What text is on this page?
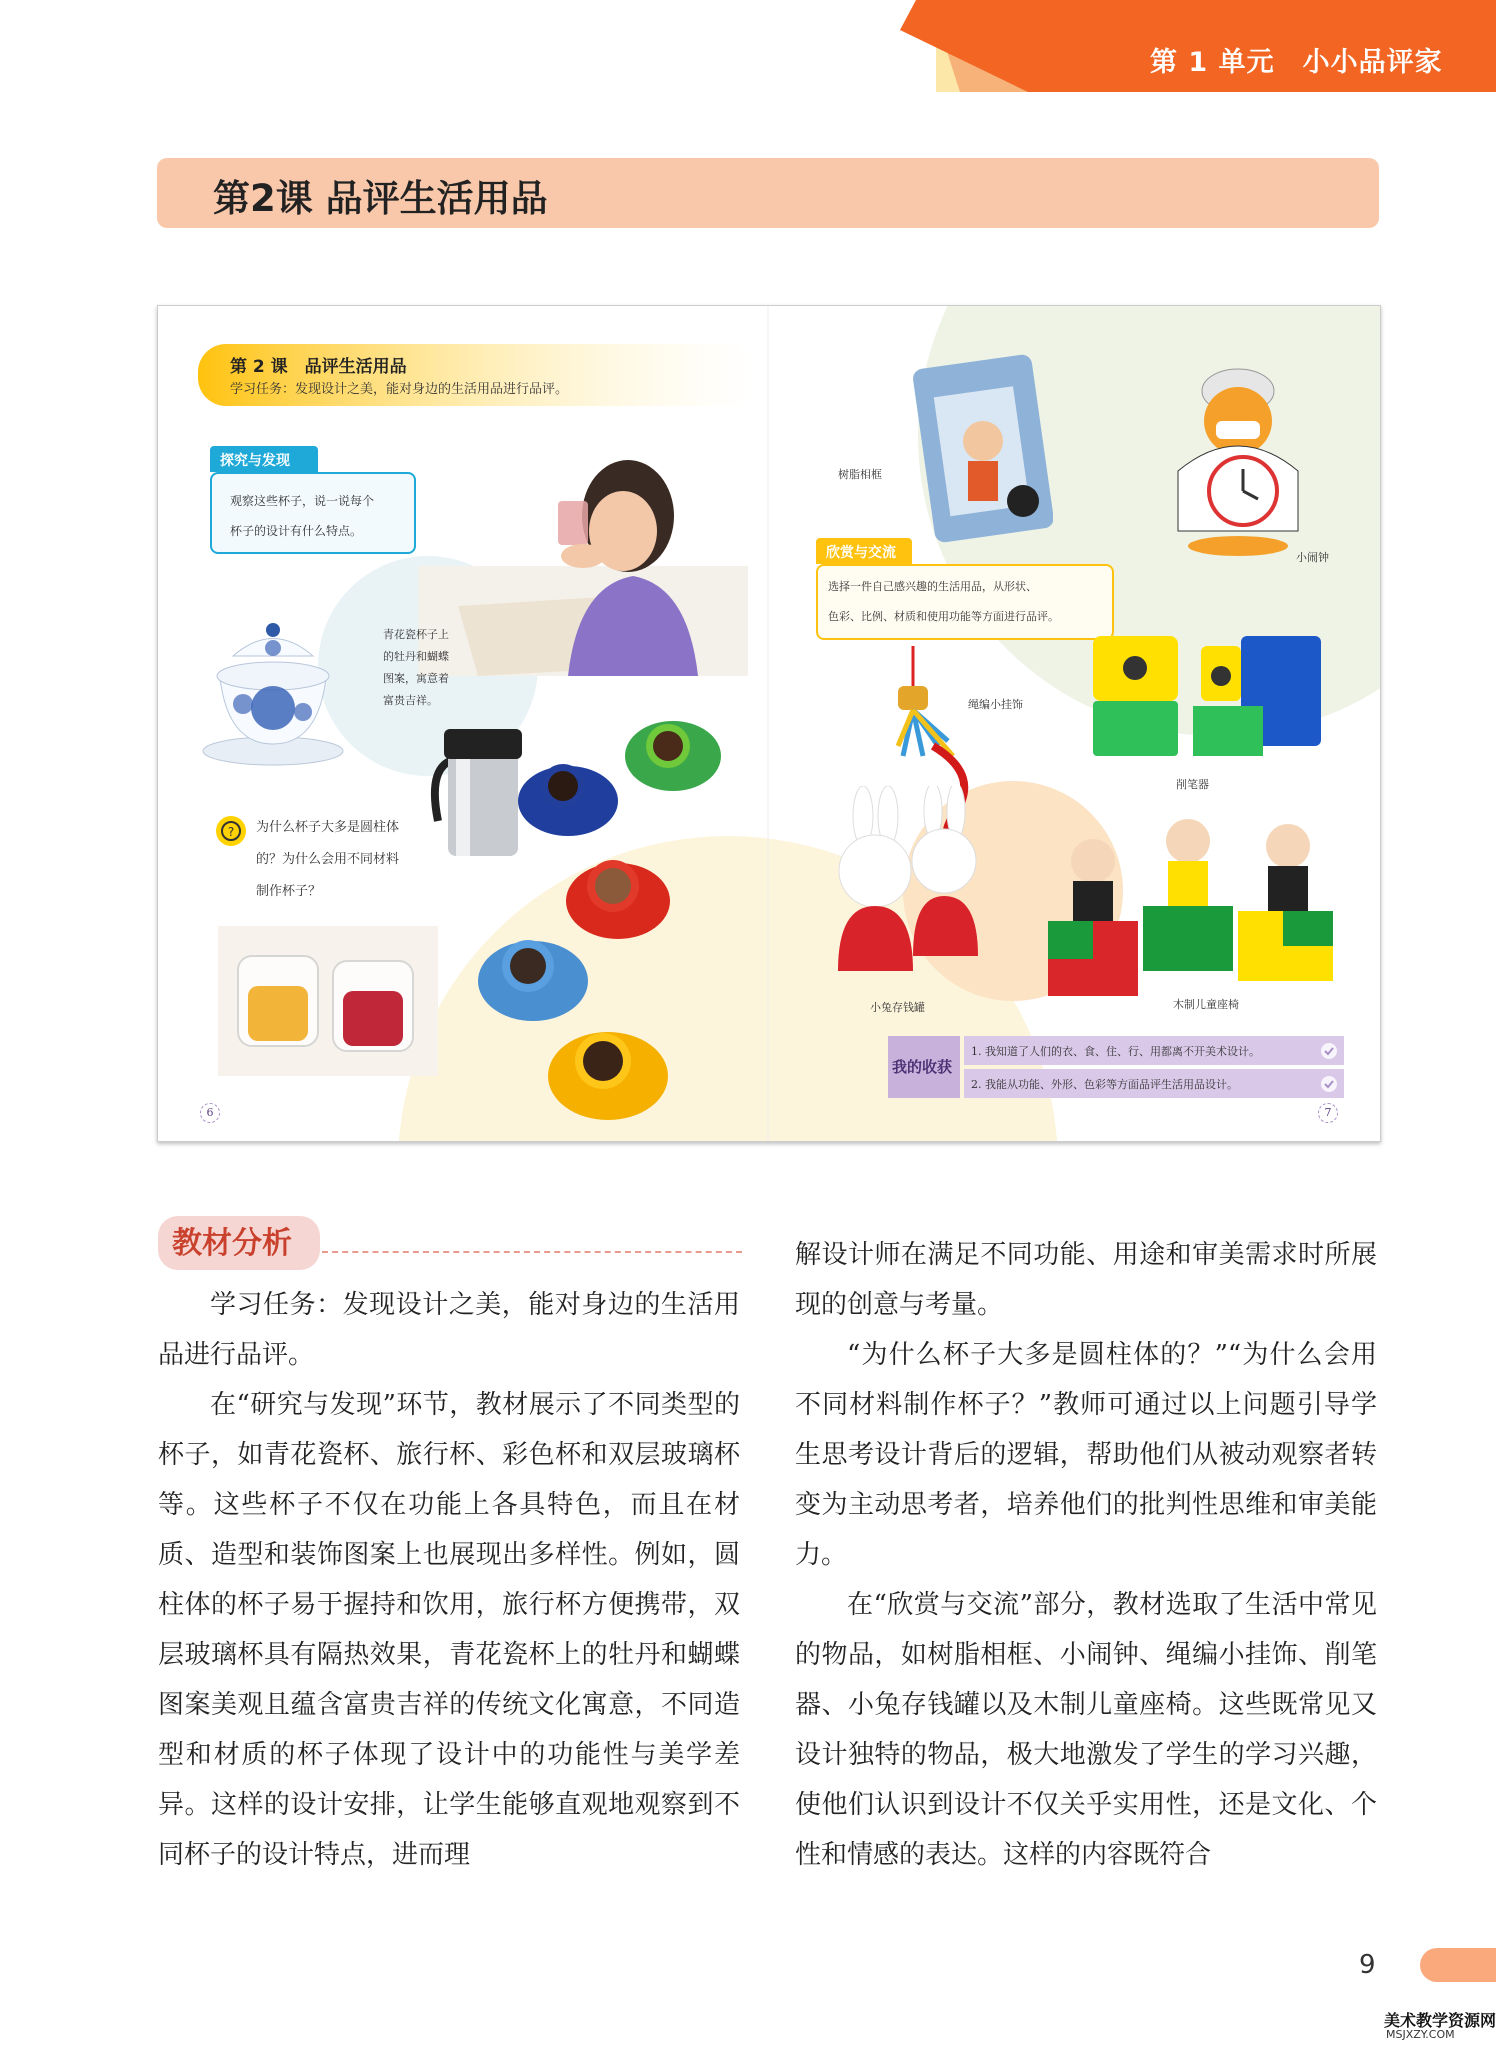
第 1 单元　小小品评家
第2课 品评生活用品
第 2 课　品评生活用品
学习任务：发现设计之美，能对身边的生活用品进行品评。
探究与发现
观察这些杯子，说一说每个
杯子的设计有什么特点。
青花瓷杯子上
的牡丹和蝴蝶
图案，寓意着
富贵吉祥。
? 为什么杯子大多是圆柱体
的？为什么会用不同材料
制作杯子？
树脂相框
小闹钟
欣赏与交流
选择一件自己感兴趣的生活用品，从形状、
色彩、比例、材质和使用功能等方面进行品评。
绳编小挂饰
削笔器
小兔存钱罐	木制儿童座椅
我的收获
1. 我知道了人们的衣、食、住、行、用都离不开美术设计。
2. 我能从功能、外形、色彩等方面品评生活用品设计。
6	7
教材分析

学习任务：发现设计之美，能对身边的生活用品进行品评。

在“研究与发现”环节，教材展示了不同类型的杯子，如青花瓷杯、旅行杯、彩色杯和双层玻璃杯等。这些杯子不仅在功能上各具特色，而且在材质、造型和装饰图案上也展现出多样性。例如，圆柱体的杯子易于握持和饮用，旅行杯方便携带，双层玻璃杯具有隔热效果，青花瓷杯上的牡丹和蝴蝶图案美观且蕴含富贵吉祥的传统文化寓意，不同造型和材质的杯子体现了设计中的功能性与美学差异。这样的设计安排，让学生能够直观地观察到不同杯子的设计特点，进而理

解设计师在满足不同功能、用途和审美需求时所展现的创意与考量。

“为什么杯子大多是圆柱体的？”“为什么会用不同材料制作杯子？”教师可通过以上问题引导学生思考设计背后的逻辑，帮助他们从被动观察者转变为主动思考者，培养他们的批判性思维和审美能力。

在“欣赏与交流”部分，教材选取了生活中常见的物品，如树脂相框、小闹钟、绳编小挂饰、削笔器、小兔存钱罐以及木制儿童座椅。这些既常见又设计独特的物品，极大地激发了学生的学习兴趣，使他们认识到设计不仅关乎实用性，还是文化、个性和情感的表达。这样的内容既符合

9
美术教学资源网
MSJXZY.COM
